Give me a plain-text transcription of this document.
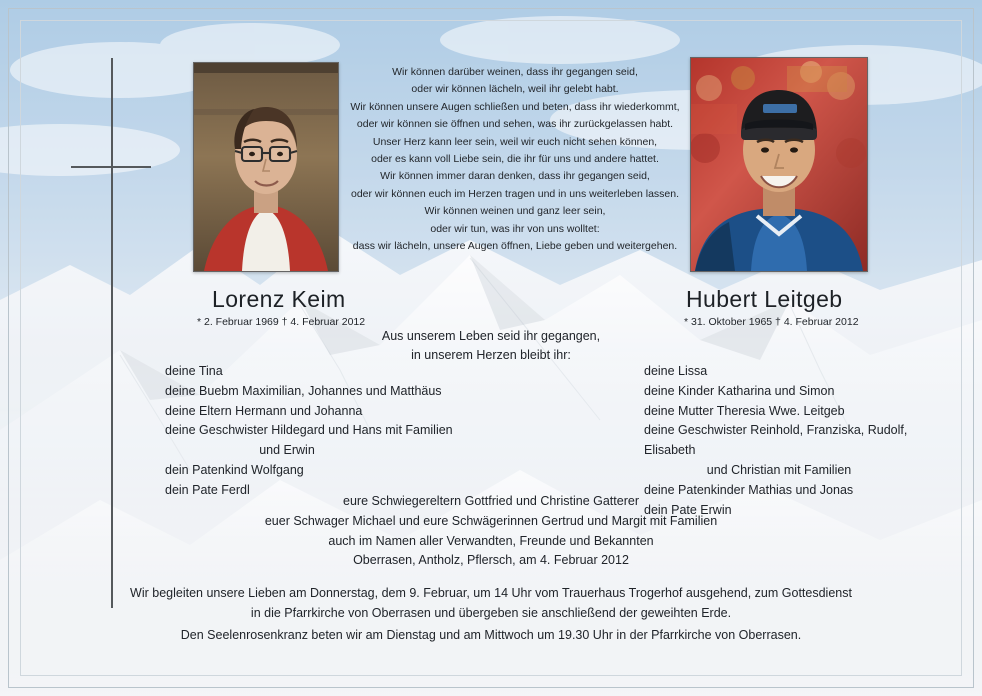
Wir können darüber weinen, dass ihr gegangen seid,
oder wir können lächeln, weil ihr gelebt habt.
Wir können unsere Augen schließen und beten, dass ihr wiederkommt,
oder wir können sie öffnen und sehen, was ihr zurückgelassen habt.
Unser Herz kann leer sein, weil wir euch nicht sehen können,
oder es kann voll Liebe sein, die ihr für uns und andere hattet.
Wir können immer daran denken, dass ihr gegangen seid,
oder wir können euch im Herzen tragen und in uns weiterleben lassen.
Wir können weinen und ganz leer sein,
oder wir tun, was ihr von uns wolltet:
dass wir lächeln, unsere Augen öffnen, Liebe geben und weitergehen.
Lorenz Keim
* 2. Februar 1969 † 4. Februar 2012
Hubert Leitgeb
* 31. Oktober 1965 † 4. Februar 2012
Aus unserem Leben seid ihr gegangen,
in unserem Herzen bleibt ihr:
deine Tina
deine Buebm Maximilian, Johannes und Matthäus
deine Eltern Hermann und Johanna
deine Geschwister Hildegard und Hans mit Familien
und Erwin
dein Patenkind Wolfgang
dein Pate Ferdl
deine Lissa
deine Kinder Katharina und Simon
deine Mutter Theresia Wwe. Leitgeb
deine Geschwister Reinhold, Franziska, Rudolf, Elisabeth
und Christian mit Familien
deine Patenkinder Mathias und Jonas
dein Pate Erwin
eure Schwiegereltern Gottfried und Christine Gatterer
euer Schwager Michael und eure Schwägerinnen Gertrud und Margit mit Familien
auch im Namen aller Verwandten, Freunde und Bekannten
Oberrasen, Antholz, Pflersch, am 4. Februar 2012
Wir begleiten unsere Lieben am Donnerstag, dem 9. Februar, um 14 Uhr vom Trauerhaus Trogerhof ausgehend, zum Gottesdienst
in die Pfarrkirche von Oberrasen und übergeben sie anschließend der geweihten Erde.
Den Seelenrosenkranz beten wir am Dienstag und am Mittwoch um 19.30 Uhr in der Pfarrkirche von Oberrasen.
